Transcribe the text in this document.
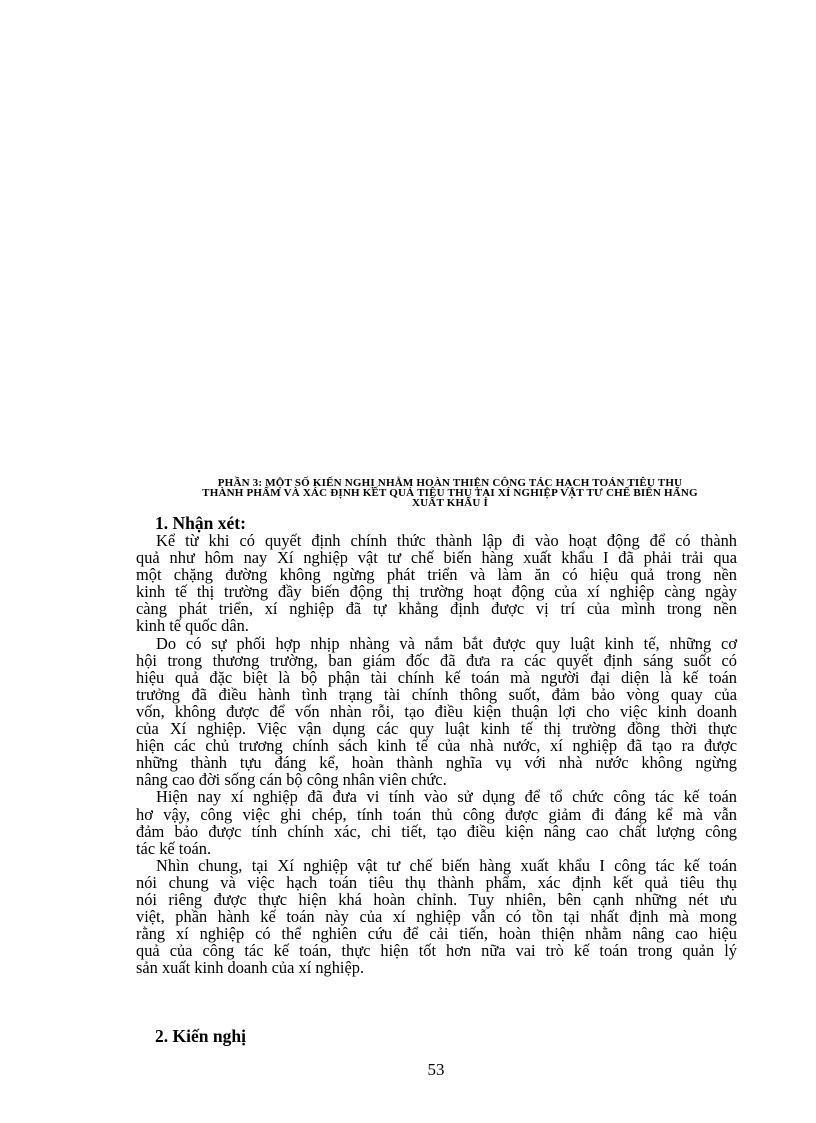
PHẦN 3: MỘT SỐ KIẾN NGHỊ NHẰM HOÀN THIỆN CÔNG TÁC HẠCH TOÁN TIÊU THỤ
THÀNH PHẨM VÀ XÁC ĐỊNH KẾT QUẢ TIÊU THỤ TẠI XÍ NGHIỆP VẬT TƯ CHẾ BIẾN HÀNG
XUẤT KHẨU I
1. Nhận xét:
Kể từ khi có quyết định chính thức thành lập đi vào hoạt động để có thành
quả như hôm nay Xí nghiệp vật tư chế biến hàng xuất khẩu I đã phải trải qua
một chặng đường không ngừng phát triển và làm ăn có hiệu quả trong nền
kinh tế thị trường đầy biến động thị trường hoạt động của xí nghiệp càng ngày
càng phát triển, xí nghiệp đã tự khẳng định được vị trí của mình trong nền
kinh tế quốc dân.
Do có sự phối hợp nhịp nhàng và nắm bắt được quy luật kinh tế, những cơ
hội trong thương trường, ban giám đốc đã đưa ra các quyết định sáng suốt có
hiệu quả đặc biệt là bộ phận tài chính kế toán mà người đại diện là kế toán
trưởng đã điều hành tình trạng tài chính thông suốt, đảm bảo vòng quay của
vốn, không được để vốn nhàn rỗi, tạo điều kiện thuận lợi cho việc kinh doanh
của Xí nghiệp. Việc vận dụng các quy luật kinh tế thị trường đồng thời thực
hiện các chủ trương chính sách kinh tế của nhà nước, xí nghiệp đã tạo ra được
những thành tựu đáng kể, hoàn thành nghĩa vụ với nhà nước không ngừng
nâng cao đời sống cán bộ công nhân viên chức.
Hiện nay xí nghiệp đã đưa vi tính vào sử dụng để tổ chức công tác kế toán
hơ vậy, công việc ghi chép, tính toán thủ công được giảm đi đáng kể mà vẫn
đảm bảo được tính chính xác, chi tiết, tạo điều kiện nâng cao chất lượng công
tác kế toán.
Nhìn chung, tại Xí nghiệp vật tư chế biến hàng xuất khẩu I công tác kế toán
nói chung và việc hạch toán tiêu thụ thành phẩm, xác định kết quả tiêu thụ
nói riêng được thực hiện khá hoàn chỉnh. Tuy nhiên, bên cạnh những nét ưu
việt, phần hành kế toán này của xí nghiệp vẫn có tồn tại nhất định mà mong
rằng xí nghiệp có thể nghiên cứu để cải tiến, hoàn thiện nhằm nâng cao hiệu
quả của công tác kế toán, thực hiện tốt hơn nữa vai trò kế toán trong quản lý
sản xuất kinh doanh của xí nghiệp.
2. Kiến nghị
53
